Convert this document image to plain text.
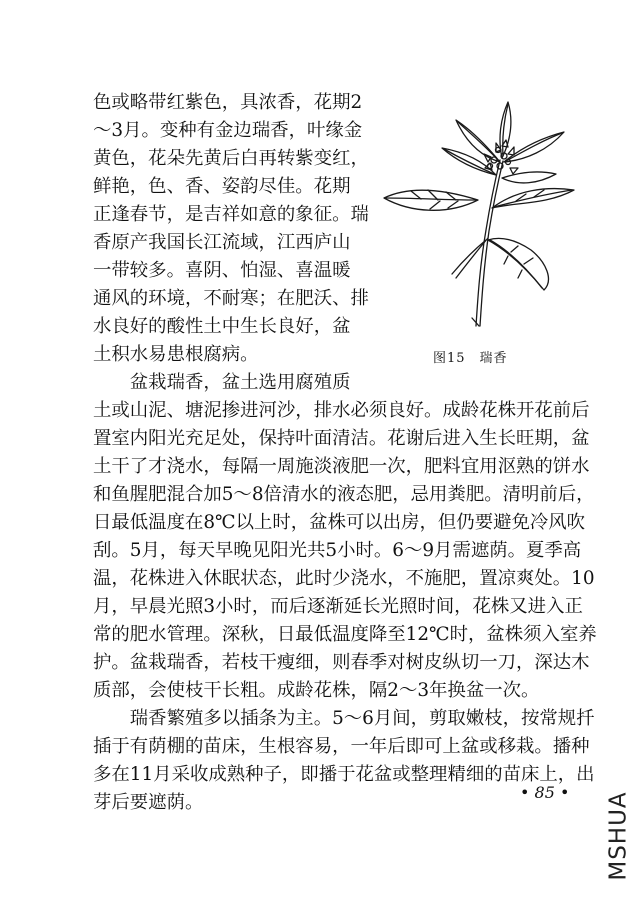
色或略带红紫色，具浓香，花期2

～3月。变种有金边瑞香，叶缘金

黄色，花朵先黄后白再转紫变红，

鲜艳，色、香、姿韵尽佳。花期

正逢春节，是吉祥如意的象征。瑞

香原产我国长江流域，江西庐山

一带较多。喜阴、怕湿、喜温暖

通风的环境，不耐寒；在肥沃、排

水良好的酸性土中生长良好，盆

土积水易患根腐病。

　　盆栽瑞香，盆土选用腐殖质

土或山泥、塘泥掺进河沙，排水必须良好。成龄花株开花前后

置室内阳光充足处，保持叶面清洁。花谢后进入生长旺期，盆

土干了才浇水，每隔一周施淡液肥一次，肥料宜用沤熟的饼水

和鱼腥肥混合加5～8倍清水的液态肥，忌用粪肥。清明前后，

日最低温度在8℃以上时，盆株可以出房，但仍要避免冷风吹

刮。5月，每天早晚见阳光共5小时。6～9月需遮荫。夏季高

温，花株进入休眠状态，此时少浇水，不施肥，置凉爽处。10

月，早晨光照3小时，而后逐渐延长光照时间，花株又进入正

常的肥水管理。深秋，日最低温度降至12℃时，盆株须入室养

护。盆栽瑞香，若枝干瘦细，则春季对树皮纵切一刀，深达木

质部，会使枝干长粗。成龄花株，隔2～3年换盆一次。

　　瑞香繁殖多以插条为主。5～6月间，剪取嫩枝，按常规扦

插于有荫棚的苗床，生根容易，一年后即可上盆或移栽。播种

多在11月采收成熟种子，即播于花盆或整理精细的苗床上，出

芽后要遮荫。

图15　瑞香
• 85 • MSHUA
